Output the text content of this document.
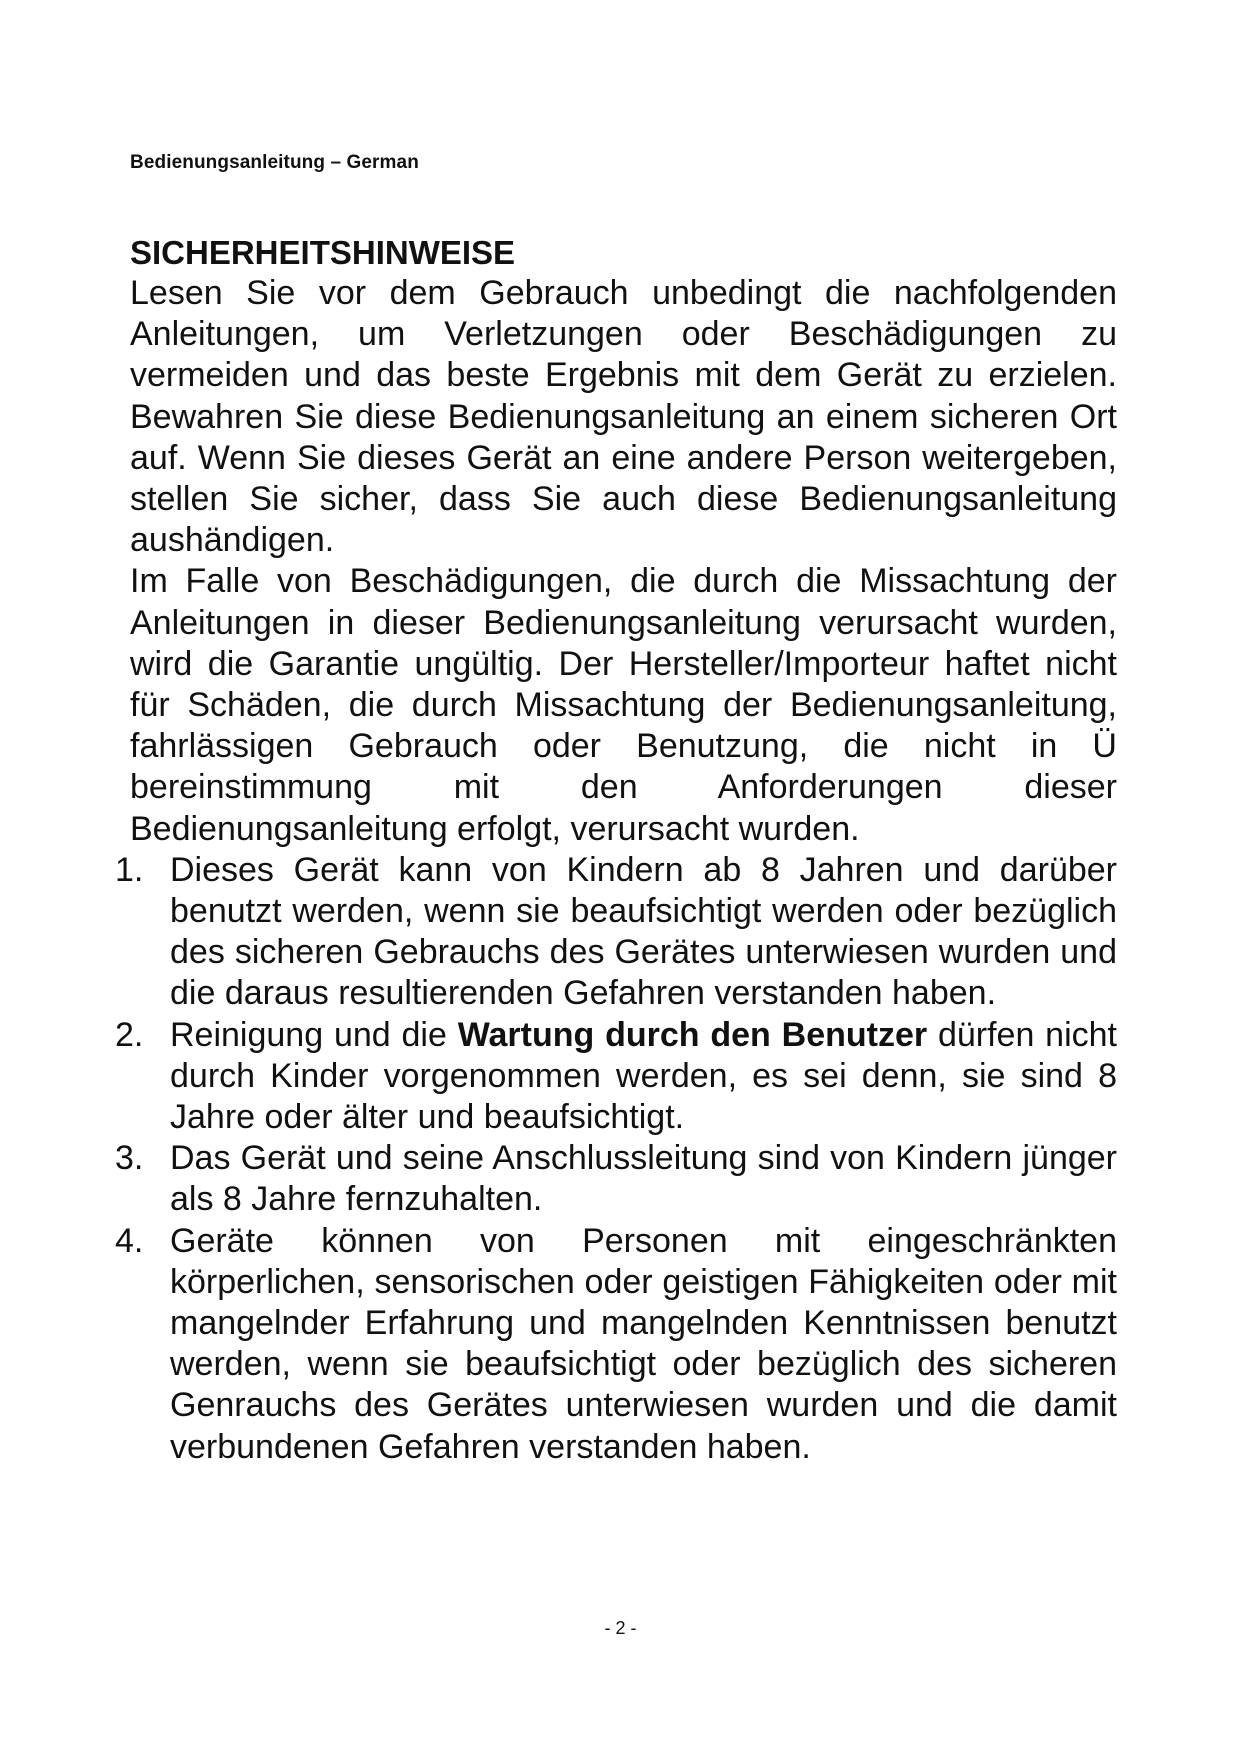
Bedienungsanleitung – German

SICHERHEITSHINWEISE

Lesen Sie vor dem Gebrauch unbedingt die nachfolgenden Anleitungen, um Verletzungen oder Beschädigungen zu vermeiden und das beste Ergebnis mit dem Gerät zu erzielen. Bewahren Sie diese Bedienungsanleitung an einem sicheren Ort auf. Wenn Sie dieses Gerät an eine andere Person weitergeben, stellen Sie sicher, dass Sie auch diese Bedienungsanleitung aushändigen.

Im Falle von Beschädigungen, die durch die Missachtung der Anleitungen in dieser Bedienungsanleitung verursacht wurden, wird die Garantie ungültig. Der Hersteller/Importeur haftet nicht für Schäden, die durch Missachtung der Bedienungsanleitung, fahrlässigen Gebrauch oder Benutzung, die nicht in Ü bereinstimmung mit den Anforderungen dieser Bedienungsanleitung erfolgt, verursacht wurden.

1. Dieses Gerät kann von Kindern ab 8 Jahren und darüber benutzt werden, wenn sie beaufsichtigt werden oder bezüglich des sicheren Gebrauchs des Gerätes unterwiesen wurden und die daraus resultierenden Gefahren verstanden haben.
2. Reinigung und die Wartung durch den Benutzer dürfen nicht durch Kinder vorgenommen werden, es sei denn, sie sind 8 Jahre oder älter und beaufsichtigt.
3. Das Gerät und seine Anschlussleitung sind von Kindern jünger als 8 Jahre fernzuhalten.
4. Geräte können von Personen mit eingeschränkten körperlichen, sensorischen oder geistigen Fähigkeiten oder mit mangelnder Erfahrung und mangelnden Kenntnissen benutzt werden, wenn sie beaufsichtigt oder bezüglich des sicheren Genrauchs des Gerätes unterwiesen wurden und die damit verbundenen Gefahren verstanden haben.
- 2 -
